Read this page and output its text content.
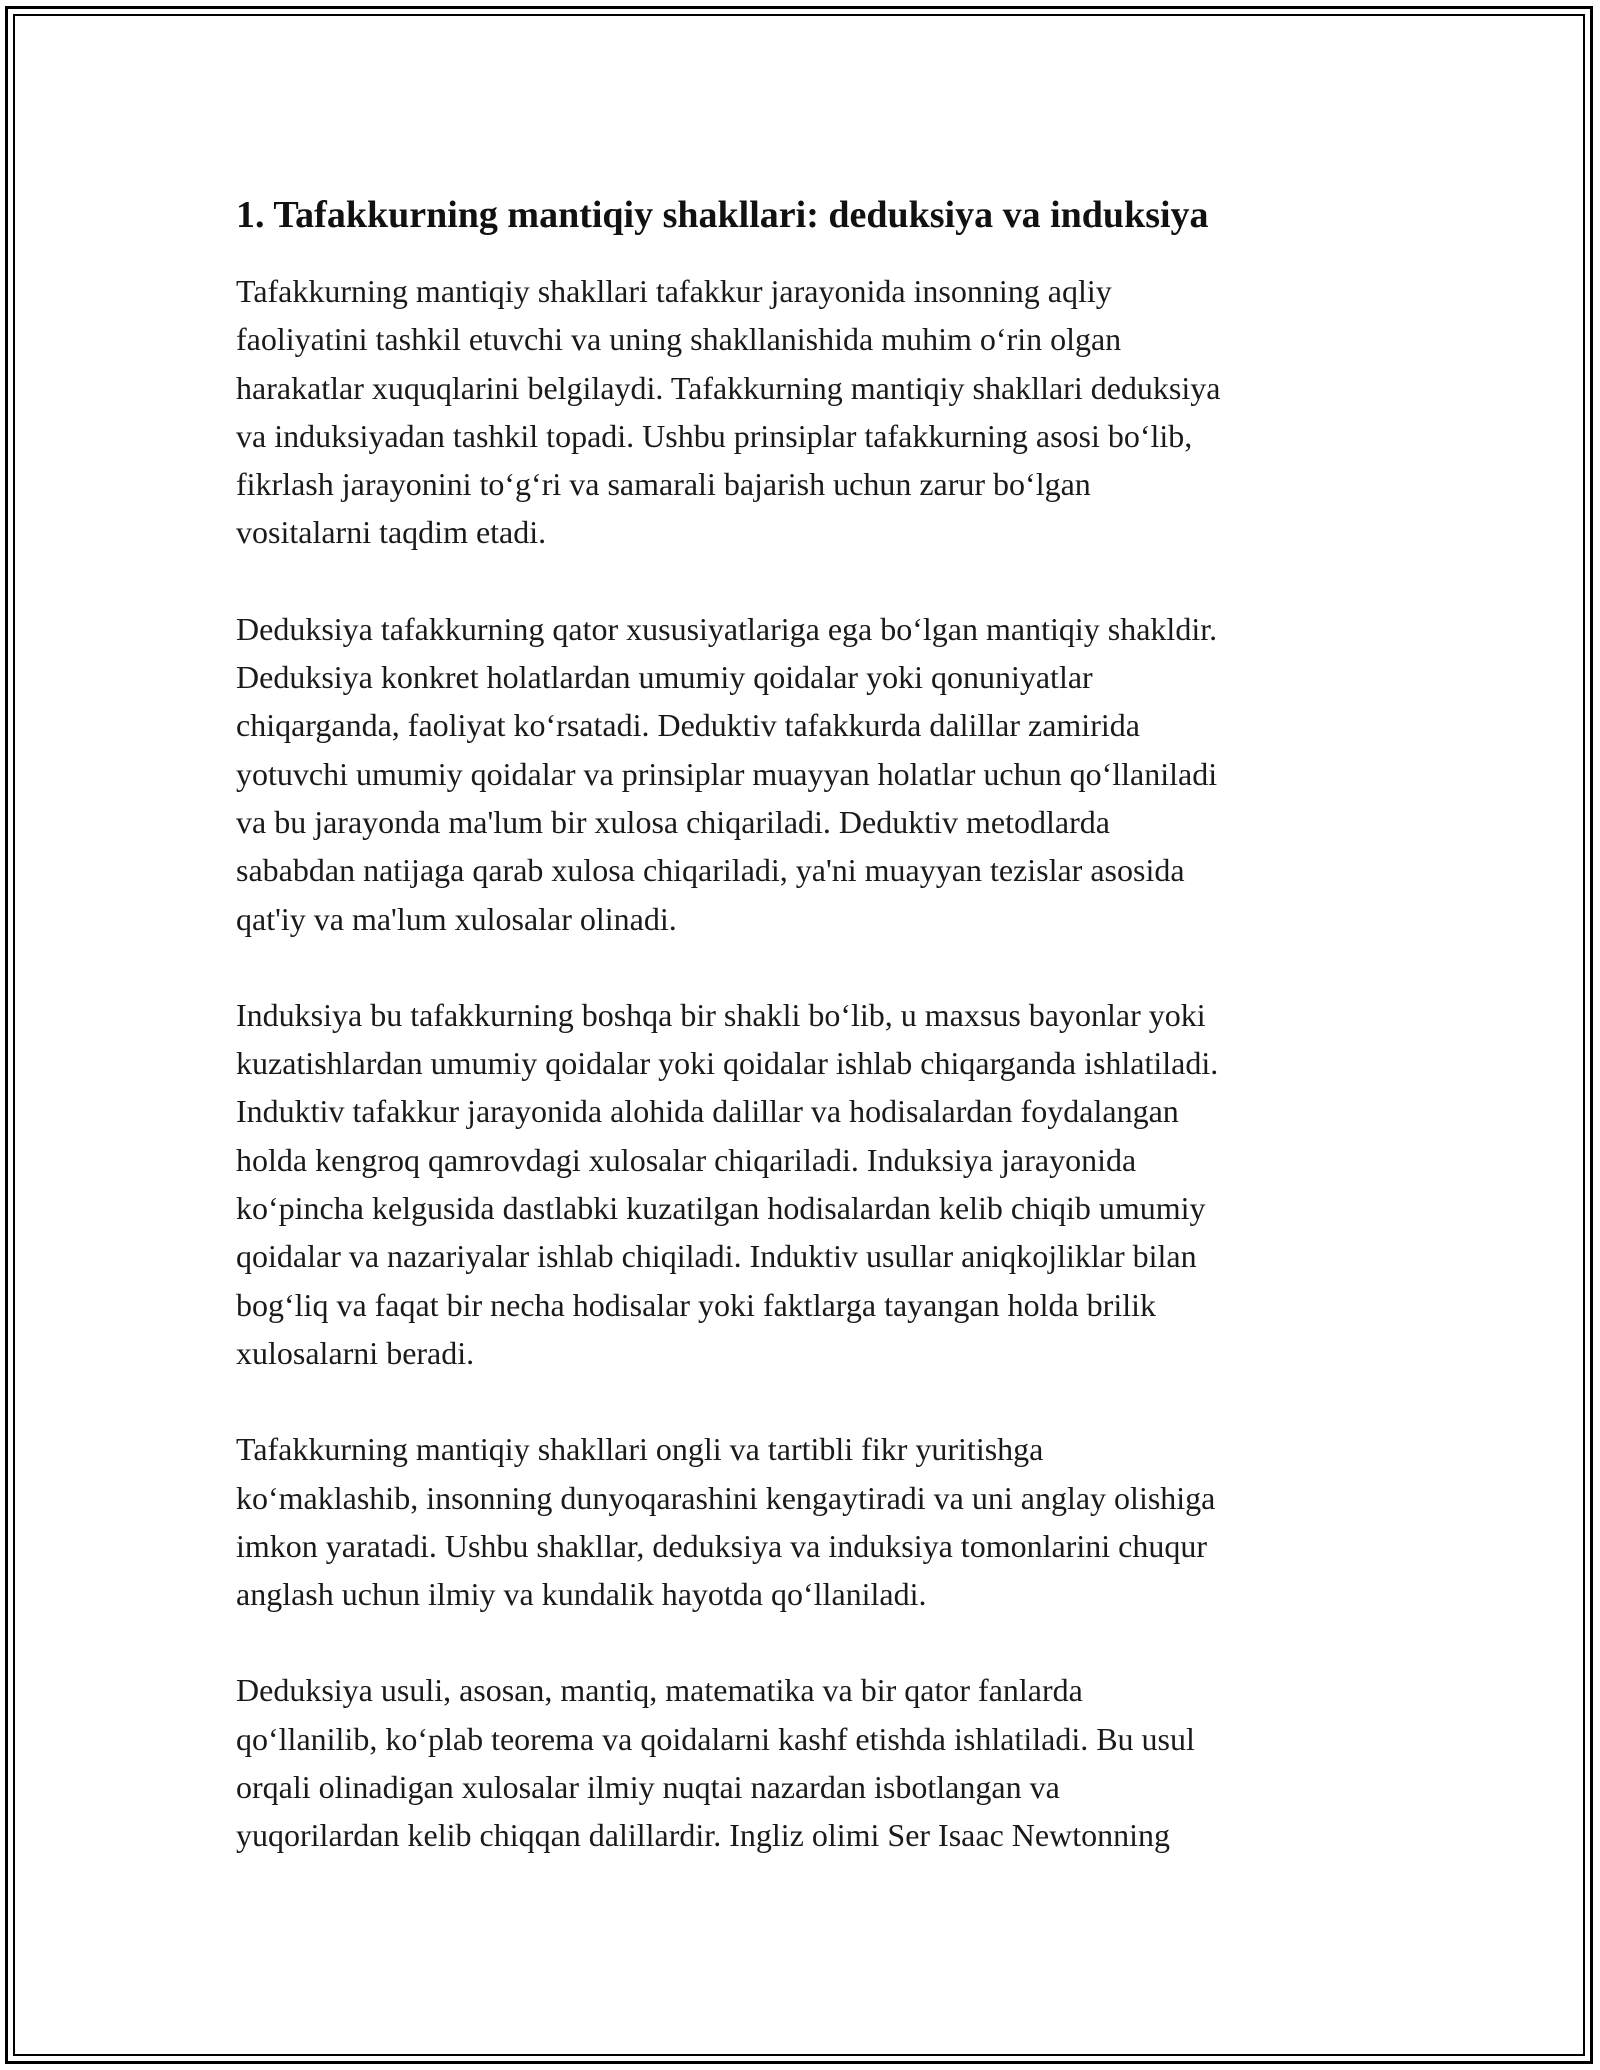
1. Tafakkurning mantiqiy shakllari: deduksiya va induksiya
Tafakkurning mantiqiy shakllari tafakkur jarayonida insonning aqliy
faoliyatini tashkil etuvchi va uning shakllanishida muhim o‘rin olgan
harakatlar xuquqlarini belgilaydi. Tafakkurning mantiqiy shakllari deduksiya
va induksiyadan tashkil topadi. Ushbu prinsiplar tafakkurning asosi bo‘lib,
fikrlash jarayonini to‘g‘ri va samarali bajarish uchun zarur bo‘lgan
vositalarni taqdim etadi.
Deduksiya tafakkurning qator xususiyatlariga ega bo‘lgan mantiqiy shakldir.
Deduksiya konkret holatlardan umumiy qoidalar yoki qonuniyatlar
chiqarganda, faoliyat ko‘rsatadi. Deduktiv tafakkurda dalillar zamirida
yotuvchi umumiy qoidalar va prinsiplar muayyan holatlar uchun qo‘llaniladi
va bu jarayonda ma'lum bir xulosa chiqariladi. Deduktiv metodlarda
sababdan natijaga qarab xulosa chiqariladi, ya'ni muayyan tezislar asosida
qat'iy va ma'lum xulosalar olinadi.
Induksiya bu tafakkurning boshqa bir shakli bo‘lib, u maxsus bayonlar yoki
kuzatishlardan umumiy qoidalar yoki qoidalar ishlab chiqarganda ishlatiladi.
Induktiv tafakkur jarayonida alohida dalillar va hodisalardan foydalangan
holda kengroq qamrovdagi xulosalar chiqariladi. Induksiya jarayonida
ko‘pincha kelgusida dastlabki kuzatilgan hodisalardan kelib chiqib umumiy
qoidalar va nazariyalar ishlab chiqiladi. Induktiv usullar aniqkojliklar bilan
bog‘liq va faqat bir necha hodisalar yoki faktlarga tayangan holda brilik
xulosalarni beradi.
Tafakkurning mantiqiy shakllari ongli va tartibli fikr yuritishga
ko‘maklashib, insonning dunyoqarashini kengaytiradi va uni anglay olishiga
imkon yaratadi. Ushbu shakllar, deduksiya va induksiya tomonlarini chuqur
anglash uchun ilmiy va kundalik hayotda qo‘llaniladi.
Deduksiya usuli, asosan, mantiq, matematika va bir qator fanlarda
qo‘llanilib, ko‘plab teorema va qoidalarni kashf etishda ishlatiladi. Bu usul
orqali olinadigan xulosalar ilmiy nuqtai nazardan isbotlangan va
yuqorilardan kelib chiqqan dalillardir. Ingliz olimi Ser Isaac Newtonning
